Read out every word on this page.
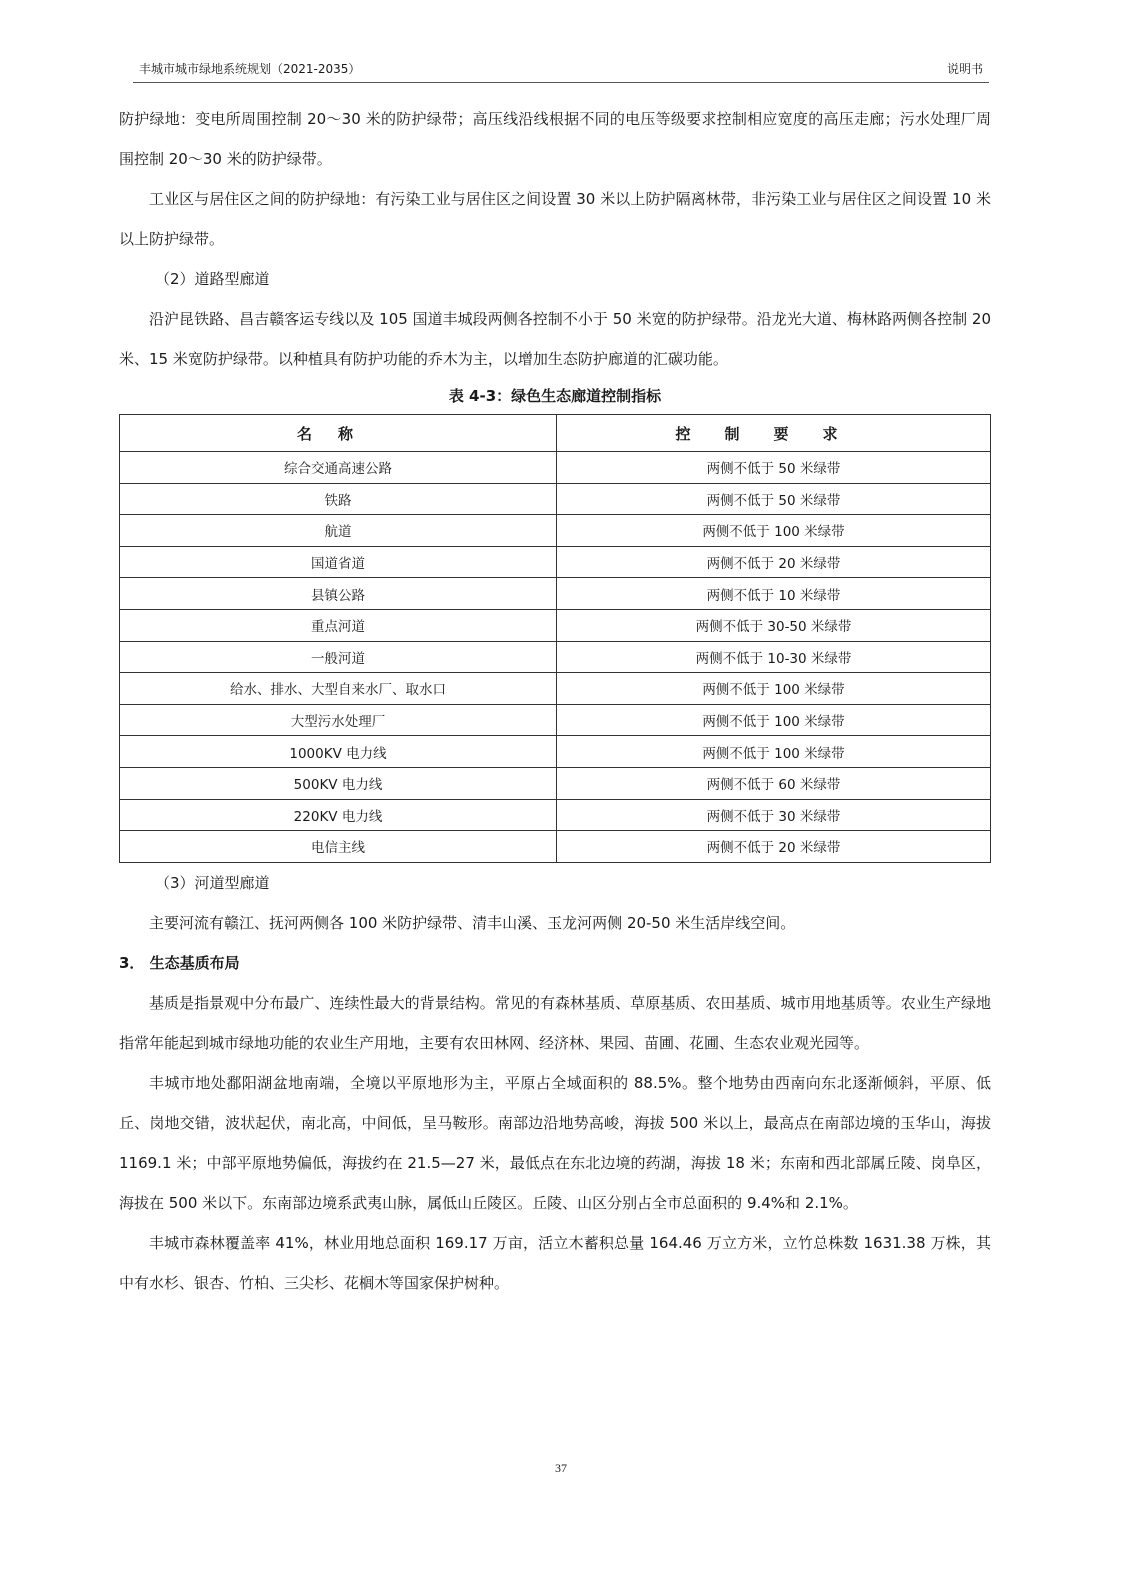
丰城市城市绿地系统规划（2021-2035）	说明书

防护绿地：变电所周围控制 20～30 米的防护绿带；高压线沿线根据不同的电压等级要求控制相应宽度的高压走廊；污水处理厂周围控制 20～30 米的防护绿带。

工业区与居住区之间的防护绿地：有污染工业与居住区之间设置 30 米以上防护隔离林带，非污染工业与居住区之间设置 10 米以上防护绿带。

（2）道路型廊道

沿沪昆铁路、昌吉赣客运专线以及 105 国道丰城段两侧各控制不小于 50 米宽的防护绿带。沿龙光大道、梅林路两侧各控制 20 米、15 米宽防护绿带。以种植具有防护功能的乔木为主，以增加生态防护廊道的汇碳功能。

表 4-3：绿色生态廊道控制指标
名称	控制要求
综合交通高速公路	两侧不低于 50 米绿带
铁路	两侧不低于 50 米绿带
航道	两侧不低于 100 米绿带
国道省道	两侧不低于 20 米绿带
县镇公路	两侧不低于 10 米绿带
重点河道	两侧不低于 30-50 米绿带
一般河道	两侧不低于 10-30 米绿带
给水、排水、大型自来水厂、取水口	两侧不低于 100 米绿带
大型污水处理厂	两侧不低于 100 米绿带
1000KV 电力线	两侧不低于 100 米绿带
500KV 电力线	两侧不低于 60 米绿带
220KV 电力线	两侧不低于 30 米绿带
电信主线	两侧不低于 20 米绿带

（3）河道型廊道

主要河流有赣江、抚河两侧各 100 米防护绿带、清丰山溪、玉龙河两侧 20-50 米生活岸线空间。

3． 生态基质布局

基质是指景观中分布最广、连续性最大的背景结构。常见的有森林基质、草原基质、农田基质、城市用地基质等。农业生产绿地指常年能起到城市绿地功能的农业生产用地，主要有农田林网、经济林、果园、苗圃、花圃、生态农业观光园等。

丰城市地处鄱阳湖盆地南端，全境以平原地形为主，平原占全域面积的 88.5%。整个地势由西南向东北逐渐倾斜，平原、低丘、岗地交错，波状起伏，南北高，中间低，呈马鞍形。南部边沿地势高峻，海拔 500 米以上，最高点在南部边境的玉华山，海拔 1169.1 米；中部平原地势偏低，海拔约在 21.5—27 米，最低点在东北边境的药湖，海拔 18 米；东南和西北部属丘陵、岗阜区，海拔在 500 米以下。东南部边境系武夷山脉，属低山丘陵区。丘陵、山区分别占全市总面积的 9.4%和 2.1%。

丰城市森林覆盖率 41%，林业用地总面积 169.17 万亩，活立木蓄积总量 164.46 万立方米，立竹总株数 1631.38 万株，其中有水杉、银杏、竹柏、三尖杉、花榈木等国家保护树种。

37
